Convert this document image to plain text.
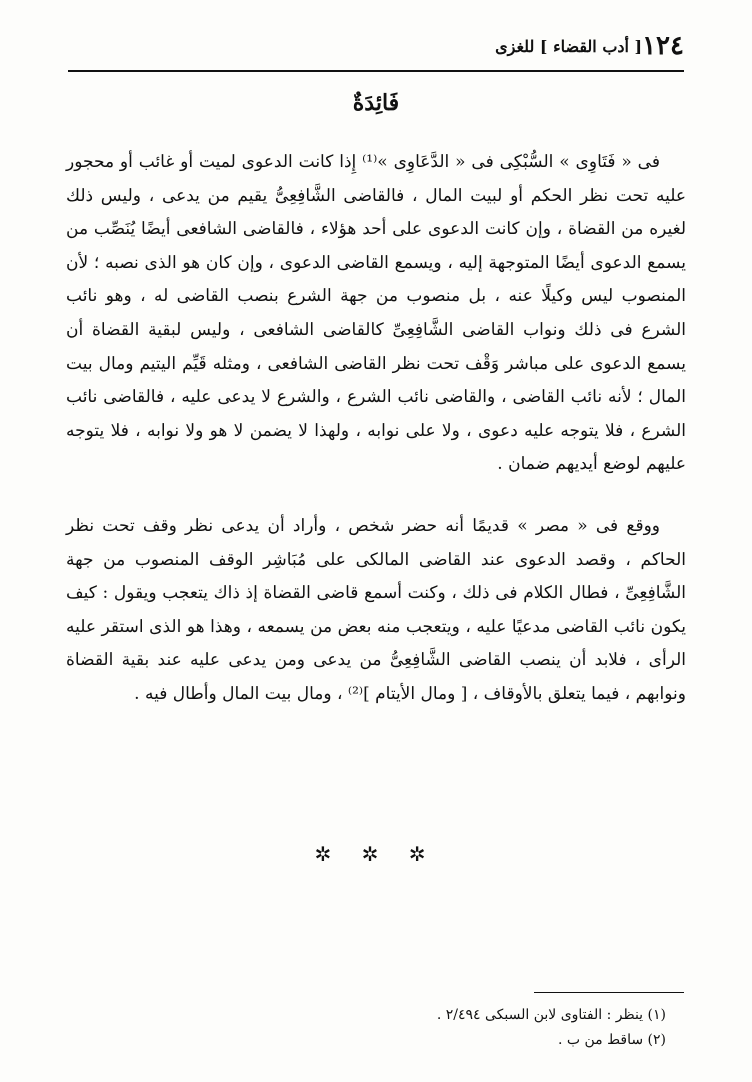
١٢٤
[ أدب القضاء ] للغزى
فَائِدَةٌ

فى « فَتَاوِى » السُّبْكِى فى « الدَّعَاوِى »⁽¹⁾ إِذا كانت الدعوى لميت أو غائب أو محجور عليه تحت نظر الحكم أو لبيت المال ، فالقاضى الشَّافِعِىُّ يقيم من يدعى ، وليس ذلك لغيره من القضاة ، وإن كانت الدعوى على أحد هؤلاء ، فالقاضى الشافعى أيضًا يُنَصِّب من يسمع الدعوى أيضًا المتوجهة إليه ، ويسمع القاضى الدعوى ، وإن كان هو الذى نصبه ؛ لأن المنصوب ليس وكيلًا عنه ، بل منصوب من جهة الشرع بنصب القاضى له ، وهو نائب الشرع فى ذلك ونواب القاضى الشَّافِعِىِّ كالقاضى الشافعى ، وليس لبقية القضاة أن يسمع الدعوى على مباشر وَقْف تحت نظر القاضى الشافعى ، ومثله قَيِّم اليتيم ومال بيت المال ؛ لأنه نائب القاضى ، والقاضى نائب الشرع ، والشرع لا يدعى عليه ، فالقاضى نائب الشرع ، فلا يتوجه عليه دعوى ، ولا على نوابه ، ولهذا لا يضمن لا هو ولا نوابه ، فلا يتوجه عليهم لوضع أيديهم ضمان .

ووقع فى « مصر » قديمًا أنه حضر شخص ، وأراد أن يدعى نظر وقف تحت نظر الحاكم ، وقصد الدعوى عند القاضى المالكى على مُبَاشِر الوقف المنصوب من جهة الشَّافِعِىِّ ، فطال الكلام فى ذلك ، وكنت أسمع قاضى القضاة إذ ذاك يتعجب ويقول : كيف يكون نائب القاضى مدعيًا عليه ، ويتعجب منه بعض من يسمعه ، وهذا هو الذى استقر عليه الرأى ، فلابد أن ينصب القاضى الشَّافِعِىُّ من يدعى ومن يدعى عليه عند بقية القضاة ونوابهم ، فيما يتعلق بالأوقاف ، [ ومال الأيتام ]⁽²⁾ ، ومال بيت المال وأطال فيه .

✲ ✲ ✲
(١) ينظر : الفتاوى لابن السبكى ٢/٤٩٤ .
(٢) ساقط من ب .
